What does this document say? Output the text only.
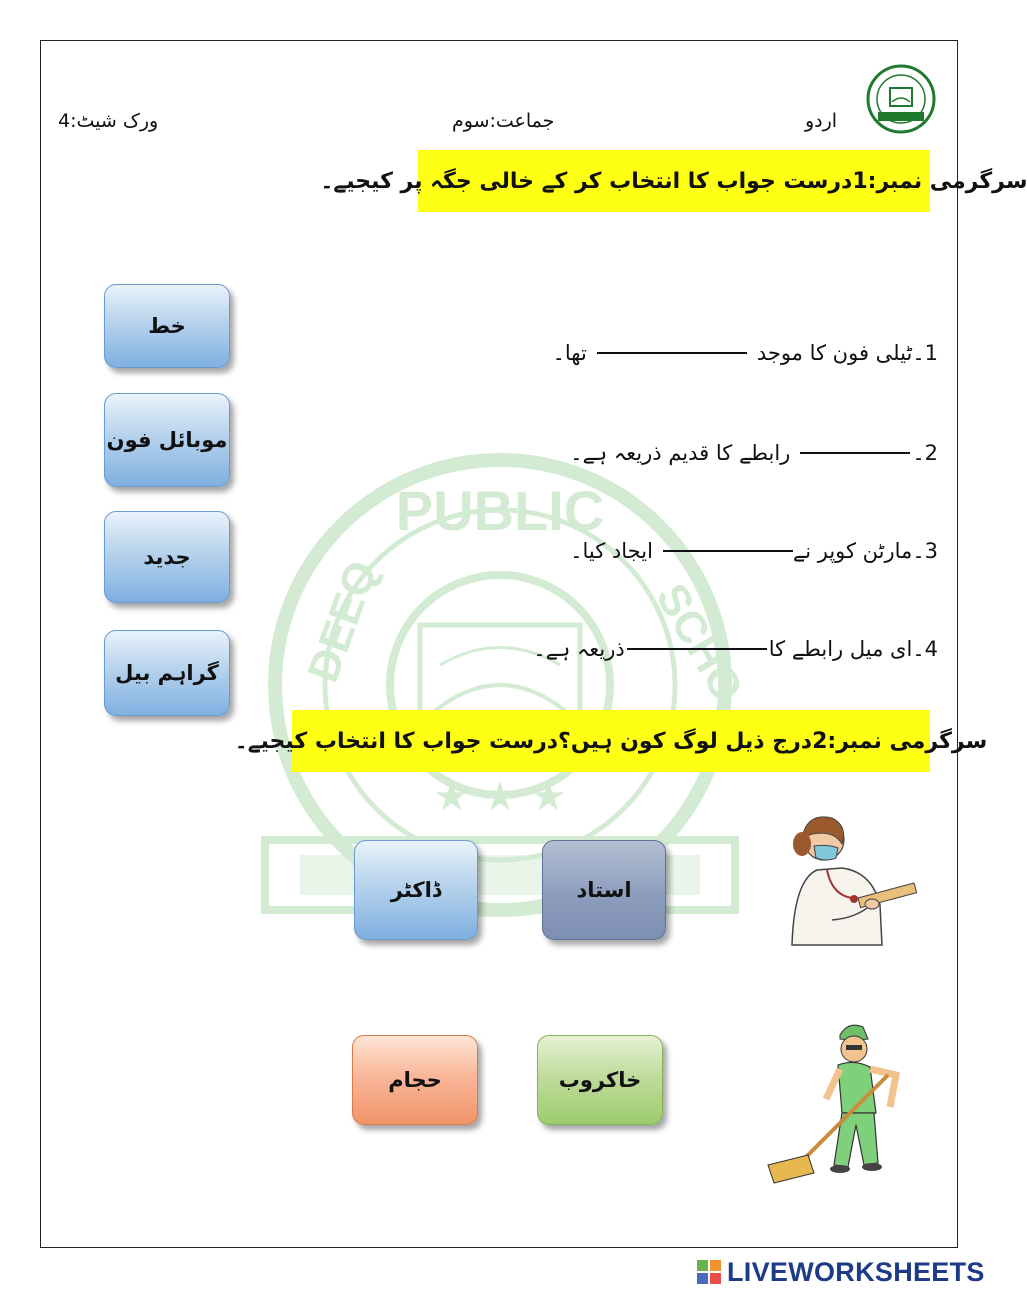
PUBLIC
DEEQ	SCHO
★ ★ ★
اردو
جماعت:سوم
ورک شیٹ:4
سرگرمی نمبر:1درست جواب کا انتخاب کر کے خالی جگہ پر کیجیے۔
1۔
ٹیلی فون کا موجد
تھا۔
2۔
رابطے کا قدیم ذریعہ ہے۔
3۔
مارٹن کوپر نے
ایجاد کیا۔
4۔
ای میل رابطے کا
ذریعہ ہے۔
خط
موبائل فون
جدید
گراہم بیل
سرگرمی نمبر:2درج ذیل لوگ کون ہیں؟درست جواب کا انتخاب کیجیے۔
ڈاکٹر	استاد
حجام	خاکروب
LIVEWORKSHEETS
